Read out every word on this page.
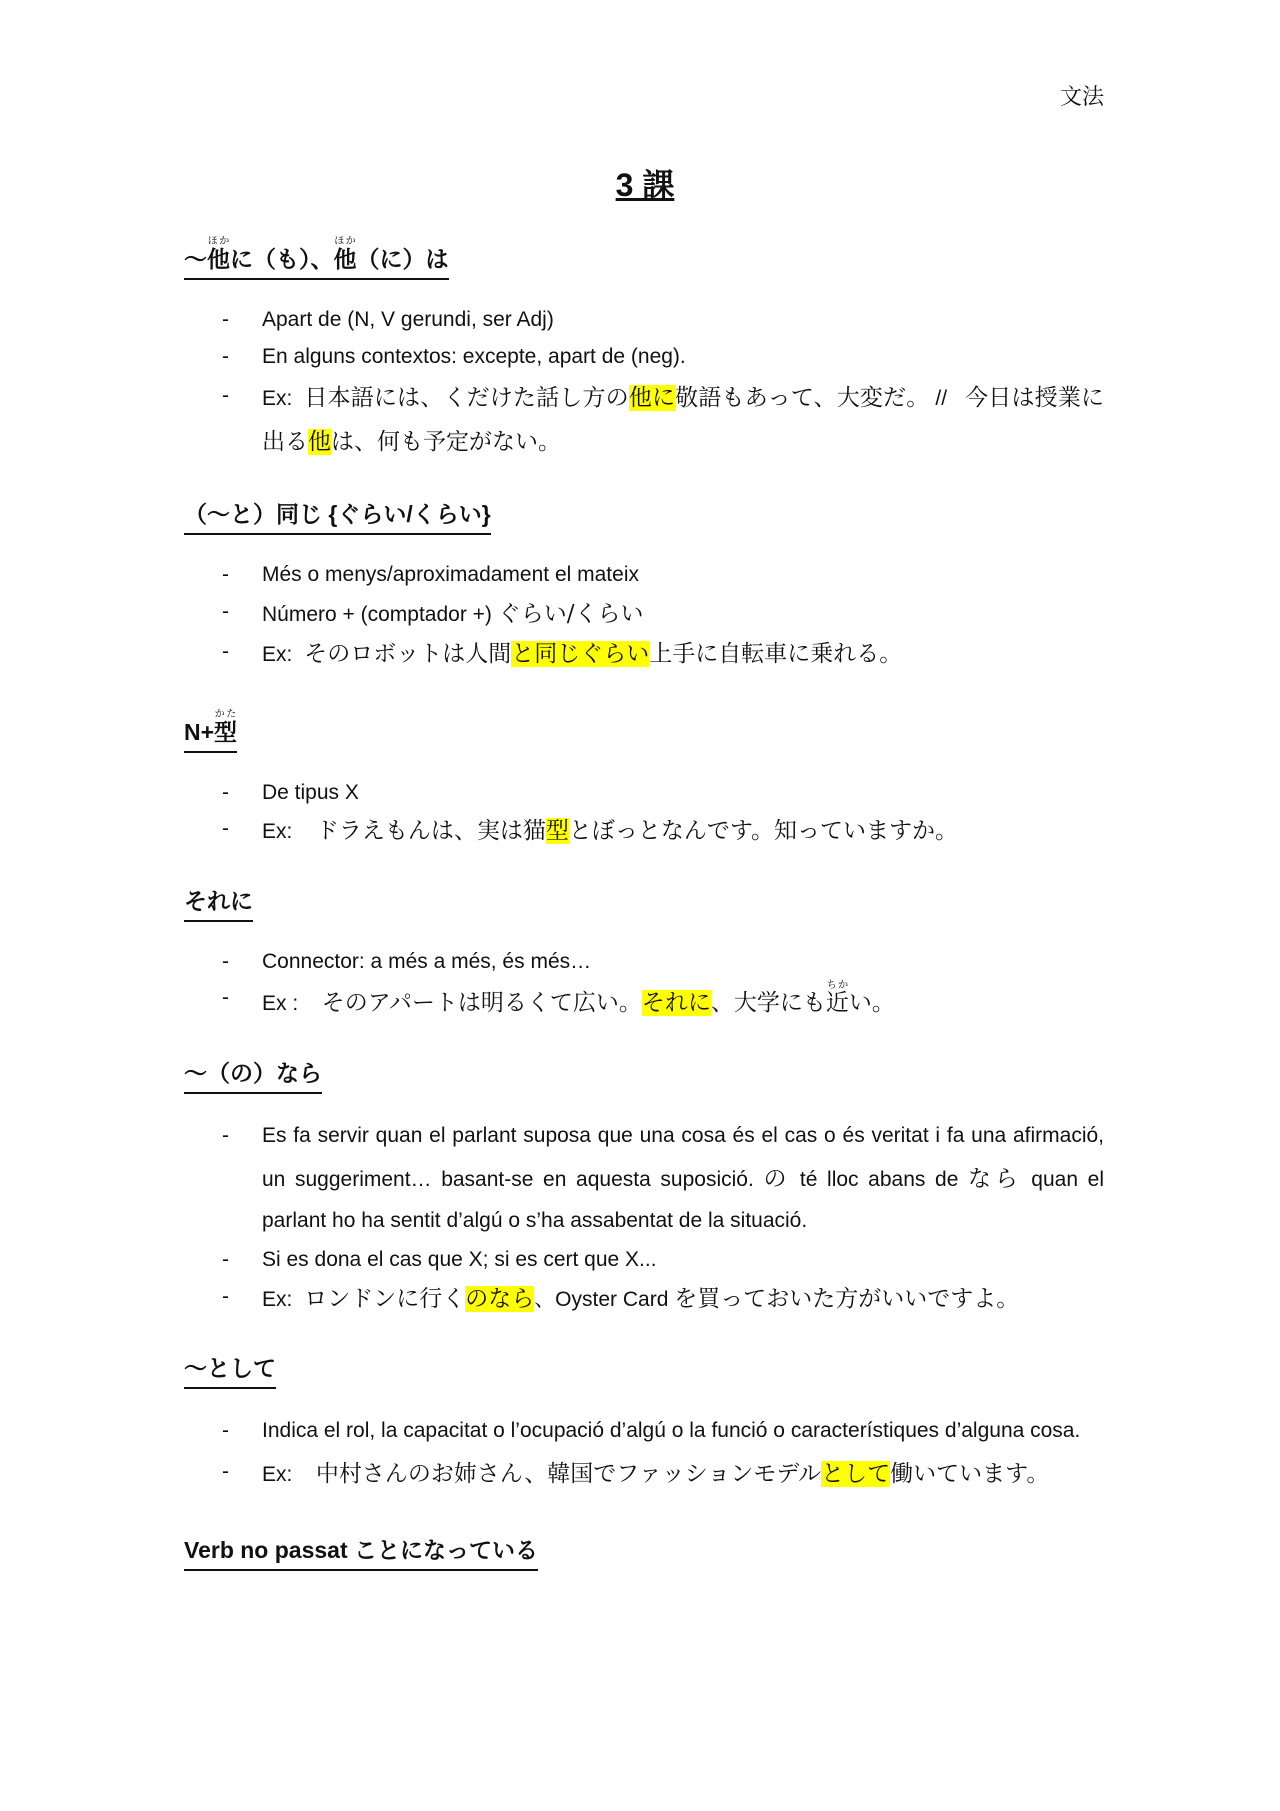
文法
3 課
〜他ほかに（も）、他ほか（に）は
- Apart de (N, V gerundi, ser Adj)
- En alguns contextos: excepte, apart de (neg).
- Ex: 日本語には、くだけた話し方の他に敬語もあって、大変だ。 // 今日は授業に出る他は、何も予定がない。
（〜と）同じ {ぐらい/くらい}
- Més o menys/aproximadament el mateix
- Número + (comptador +) ぐらい/くらい
- Ex: そのロボットは人間と同じぐらい上手に自転車に乗れる。
N+型かた
- De tipus X
- Ex: ドラえもんは、実は猫型とぼっとなんです。知っていますか。
それに
- Connector: a més a més, és més…
- Ex : そのアパートは明るくて広い。それに、大学にも近ちかい。
〜（の）なら
- Es fa servir quan el parlant suposa que una cosa és el cas o és veritat i fa una afirmació, un suggeriment… basant-se en aquesta suposició. の té lloc abans de なら quan el parlant ho ha sentit d’algú o s’ha assabentat de la situació.
- Si es dona el cas que X; si es cert que X...
- Ex: ロンドンに行くのなら、Oyster Card を買っておいた方がいいですよ。
〜として
- Indica el rol, la capacitat o l’ocupació d’algú o la funció o característiques d’alguna cosa.
- Ex: 中村さんのお姉さん、韓国でファッションモデルとして働いています。
Verb no passat ことになっている
